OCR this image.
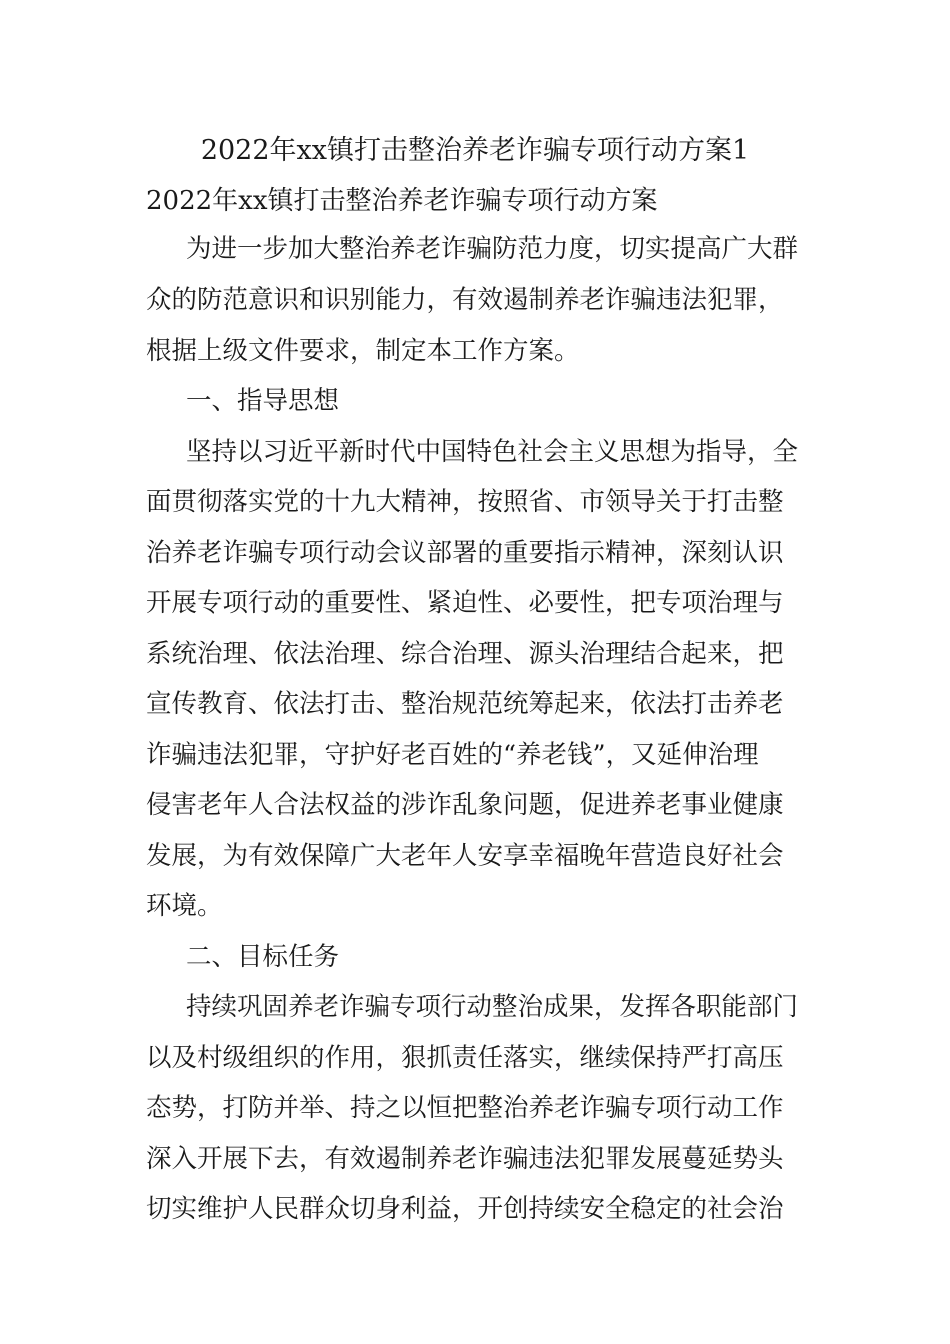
2022年xx镇打击整治养老诈骗专项行动方案1

2022年xx镇打击整治养老诈骗专项行动方案

为进一步加大整治养老诈骗防范力度，切实提高广大群

众的防范意识和识别能力，有效遏制养老诈骗违法犯罪，

根据上级文件要求，制定本工作方案。

一、指导思想

坚持以习近平新时代中国特色社会主义思想为指导，全

面贯彻落实党的十九大精神，按照省、市领导关于打击整

治养老诈骗专项行动会议部署的重要指示精神，深刻认识

开展专项行动的重要性、紧迫性、必要性，把专项治理与

系统治理、依法治理、综合治理、源头治理结合起来，把

宣传教育、依法打击、整治规范统筹起来，依法打击养老

诈骗违法犯罪，守护好老百姓的“养老钱”，又延伸治理

侵害老年人合法权益的涉诈乱象问题，促进养老事业健康

发展，为有效保障广大老年人安享幸福晚年营造良好社会

环境。

二、目标任务

持续巩固养老诈骗专项行动整治成果，发挥各职能部门

以及村级组织的作用，狠抓责任落实，继续保持严打高压

态势，打防并举、持之以恒把整治养老诈骗专项行动工作

深入开展下去，有效遏制养老诈骗违法犯罪发展蔓延势头

切实维护人民群众切身利益，开创持续安全稳定的社会治
